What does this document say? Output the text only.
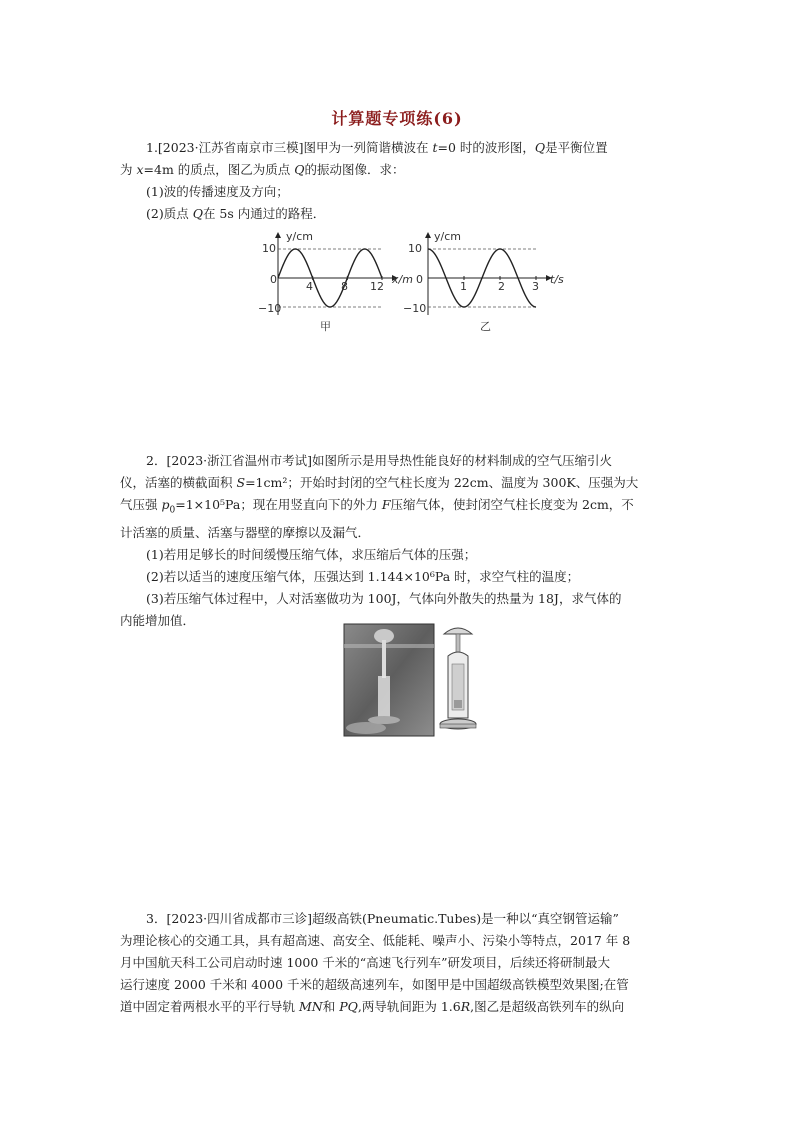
计算题专项练(6)
1.[2023·江苏省南京市三模]图甲为一列简谐横波在 t=0 时的波形图，Q是平衡位置
为 x=4m 的质点，图乙为质点 Q的振动图像．求：
(1)波的传播速度及方向；
(2)质点 Q在 5s 内通过的路程．
y/cm
x/m
10
0
−10
4	8 12
甲
y/cm
t/s
10
0
−10
1	2 3
乙
2．[2023·浙江省温州市考试]如图所示是用导热性能良好的材料制成的空气压缩引火
仪，活塞的横截面积 S=1cm²；开始时封闭的空气柱长度为 22cm、温度为 300K、压强为大
气压强 $p_0=1\times 10^5Pa$；现在用竖直向下的外力 F压缩气体，使封闭空气柱长度变为 2cm，不
计活塞的质量、活塞与器壁的摩擦以及漏气．
(1)若用足够长的时间缓慢压缩气体，求压缩后气体的压强；
(2)若以适当的速度压缩气体，压强达到 1.144×10⁶Pa 时，求空气柱的温度；
(3)若压缩气体过程中，人对活塞做功为 100J，气体向外散失的热量为 18J，求气体的
内能增加值．
3．[2023·四川省成都市三诊]超级高铁(Pneumatic.Tubes)是一种以“真空钢管运输”
为理论核心的交通工具，具有超高速、高安全、低能耗、噪声小、污染小等特点，2017 年 8
月中国航天科工公司启动时速 1000 千米的“高速飞行列车”研发项目，后续还将研制最大
运行速度 2000 千米和 4000 千米的超级高速列车，如图甲是中国超级高铁模型效果图;在管
道中固定着两根水平的平行导轨 MN和 PQ,两导轨间距为 1.6R,图乙是超级高铁列车的纵向
